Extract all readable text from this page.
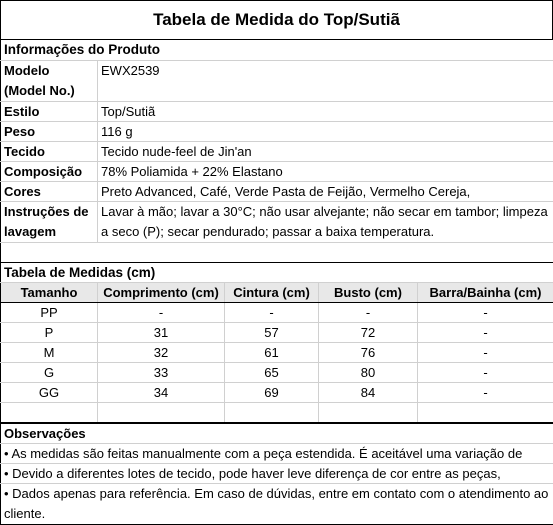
Tabela de Medida do Top/Sutiã
Informações do Produto	
Modelo (Model No.)	EWX2539
Estilo	Top/Sutiã
Peso	116 g
Tecido	Tecido nude-feel de Jin'an
Composição	78% Poliamida + 22% Elastano
Cores	Preto Advanced, Café, Verde Pasta de Feijão, Vermelho Cereja,
Instruções de lavagem	Lavar à mão; lavar a 30°C; não usar alvejante; não secar em tambor; limpeza a seco (P); secar pendurado; passar a baixa temperatura.

Tabela de Medidas (cm)				
Tamanho	Comprimento (cm)	Cintura (cm)	Busto (cm)	Barra/Bainha (cm)
PP	-	-	-	-
P	31	57	72	-
M	32	61	76	-
G	33	65	80	-
GG	34	69	84	-

Observações
• As medidas são feitas manualmente com a peça estendida. É aceitável uma variação de
• Devido a diferentes lotes de tecido, pode haver leve diferença de cor entre as peças,
• Dados apenas para referência. Em caso de dúvidas, entre em contato com o atendimento ao cliente.
